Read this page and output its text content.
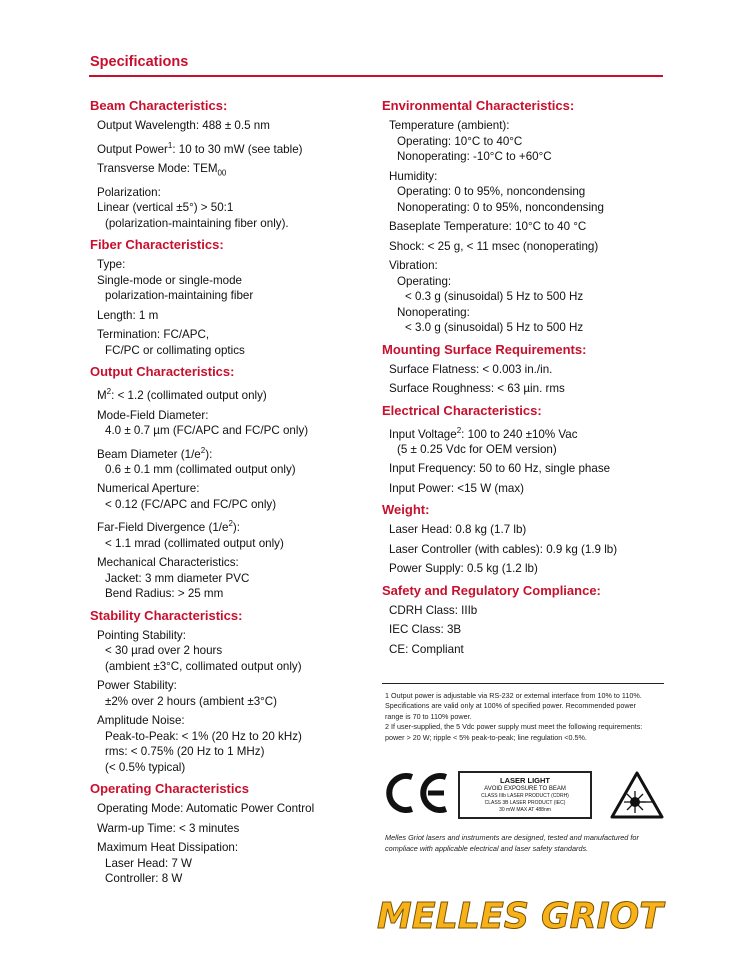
Specifications
Beam Characteristics:
Output Wavelength: 488 ± 0.5 nm
Output Power$^1$: 10 to 30 mW (see table)
Transverse Mode: $TEM_{00}$
Polarization:
Linear (vertical ±5°) > 50:1
(polarization-maintaining fiber only).
Fiber Characteristics:
Type:
Single-mode or single-mode
polarization-maintaining fiber
Length: 1 m
Termination: FC/APC,
FC/PC or collimating optics
Output Characteristics:
$M^2$: < 1.2 (collimated output only)
Mode-Field Diameter:
4.0 ± 0.7 µm (FC/APC and FC/PC only)
Beam Diameter $(1/e^2)$:
0.6 ± 0.1 mm (collimated output only)
Numerical Aperture:
< 0.12 (FC/APC and FC/PC only)
Far-Field Divergence $(1/e^2)$:
< 1.1 mrad (collimated output only)
Mechanical Characteristics:
Jacket: 3 mm diameter PVC
Bend Radius: > 25 mm
Stability Characteristics:
Pointing Stability:
< 30 µrad over 2 hours
(ambient ±3°C, collimated output only)
Power Stability:
±2% over 2 hours (ambient ±3°C)
Amplitude Noise:
Peak-to-Peak: < 1% (20 Hz to 20 kHz)
rms: < 0.75% (20 Hz to 1 MHz)
(< 0.5% typical)
Operating Characteristics
Operating Mode: Automatic Power Control
Warm-up Time: < 3 minutes
Maximum Heat Dissipation:
Laser Head: 7 W
Controller: 8 W
Environmental Characteristics:
Temperature (ambient):
Operating: 10°C to 40°C
Nonoperating: -10°C to +60°C
Humidity:
Operating: 0 to 95%, noncondensing
Nonoperating: 0 to 95%, noncondensing
Baseplate Temperature: 10°C to 40 °C
Shock: < 25 g, < 11 msec (nonoperating)
Vibration:
Operating:
< 0.3 g (sinusoidal) 5 Hz to 500 Hz
Nonoperating:
< 3.0 g (sinusoidal) 5 Hz to 500 Hz
Mounting Surface Requirements:
Surface Flatness: < 0.003 in./in.
Surface Roughness: < 63 µin. rms
Electrical Characteristics:
Input Voltage$^2$: 100 to 240 ±10% Vac
(5 ± 0.25 Vdc for OEM version)
Input Frequency: 50 to 60 Hz, single phase
Input Power: <15 W (max)
Weight:
Laser Head: 0.8 kg (1.7 lb)
Laser Controller (with cables): 0.9 kg (1.9 lb)
Power Supply: 0.5 kg (1.2 lb)
Safety and Regulatory Compliance:
CDRH Class: IIIb
IEC Class: 3B
CE: Compliant
1 Output power is adjustable via RS-232 or external interface from 10% to 110%. Specifications are valid only at 100% of specified power. Recommended power range is 70 to 110% power.
2 If user-supplied, the 5 Vdc power supply must meet the following requirements: power > 20 W; ripple < 5% peak-to-peak; line regulation <0.5%.
LASER LIGHT
AVOID EXPOSURE TO BEAM
CLASS IIIb LASER PRODUCT (CDRH)
CLASS 3B LASER PRODUCT (IEC)
30 mW MAX AT 488nm
Melles Griot lasers and instruments are designed, tested and manufactured for compliace with applicable electrical and laser safety standards.
MELLES GRIOT
